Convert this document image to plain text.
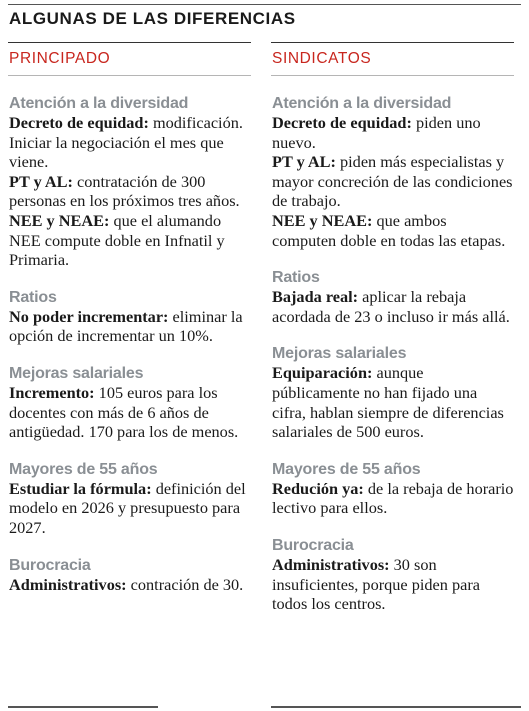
ALGUNAS DE LAS DIFERENCIAS
PRINCIPADO
Atención a la diversidad

Decreto de equidad: modificación. Iniciar la negociación el mes que viene.

PT y AL: contratación de 300 personas en los próximos tres años.

NEE y NEAE: que el alumando NEE compute doble en Infnatil y Primaria.

Ratios

No poder incrementar: eliminar la opción de incrementar un 10%.

Mejoras salariales

Incremento: 105 euros para los docentes con más de 6 años de antigüedad. 170 para los de menos.

Mayores de 55 años

Estudiar la fórmula: definición del modelo en 2026 y presupuesto para 2027.

Burocracia

Administrativos: contración de 30.

SINDICATOS
Atención a la diversidad

Decreto de equidad: piden uno nuevo.

PT y AL: piden más especialistas y mayor concreción de las condiciones de trabajo.

NEE y NEAE: que ambos computen doble en todas las etapas.

Ratios

Bajada real: aplicar la rebaja acordada de 23 o incluso ir más allá.

Mejoras salariales

Equiparación: aunque públicamente no han fijado una cifra, hablan siempre de diferencias salariales de 500 euros.

Mayores de 55 años

Redución ya: de la rebaja de horario lectivo para ellos.

Burocracia

Administrativos: 30 son insuficientes, porque piden para todos los centros.
